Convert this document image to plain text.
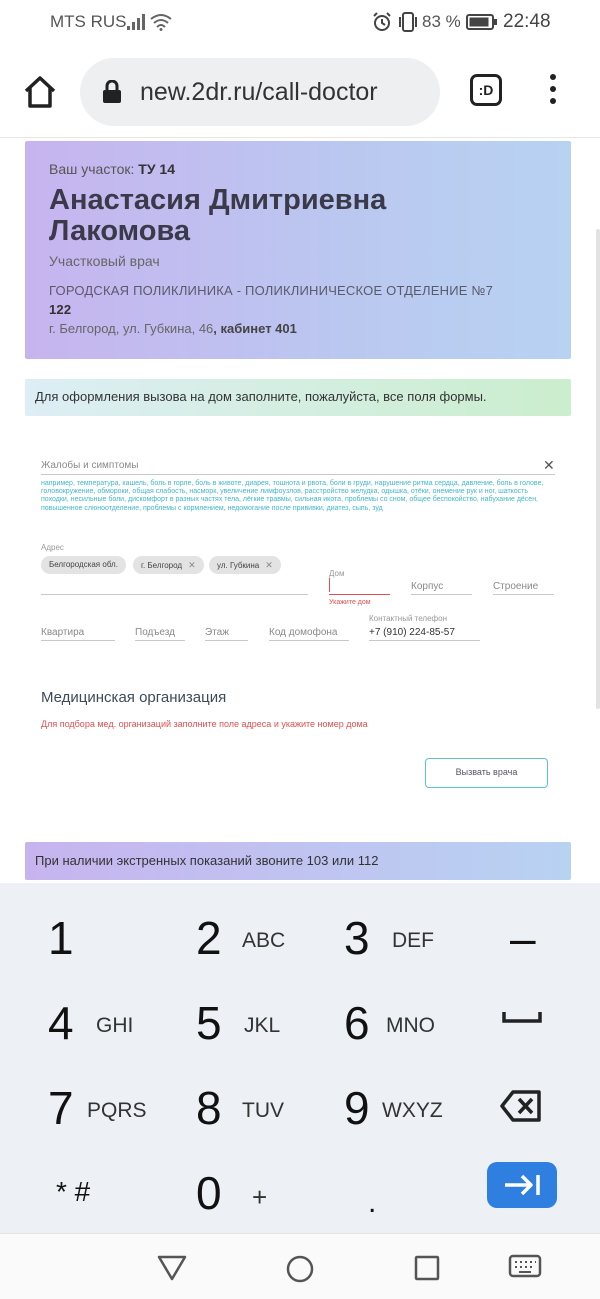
MTS RUS	83 % 22:48
new.2dr.ru/call-doctor	:D
Ваш участок: ТУ 14
Анастасия Дмитриевна Лакомова
Участковый врач
ГОРОДСКАЯ ПОЛИКЛИНИКА - ПОЛИКЛИНИЧЕСКОЕ ОТДЕЛЕНИЕ №7
122
г. Белгород, ул. Губкина, 46, кабинет 401
Для оформления вызова на дом заполните, пожалуйста, все поля формы.
Жалобы и симптомы	✕
например, температура, кашель, боль в горле, боль в животе, диарея, тошнота и рвота, боли в груди, нарушение ритма сердца, давление, боль в голове, головокружение, обмороки, общая слабость, насморк, увеличение лимфоузлов, расстройство желудка, одышка, отёки, онемение рук и ног, шаткость походки, несильные боли, дискомфорт в разных частях тела, лёгкие травмы, сильная икота, проблемы со сном, общее беспокойство, набухание дёсен, повышенное слюноотделение, проблемы с кормлением, недомогание после прививки, диатез, сыпь, зуд
Адрес
Белгородская обл.	г. Белгород ✕	ул. Губкина ✕
Дом
Укажите дом
Корпус	Строение
Квартира	Подъезд	Этаж	Код домофона
Контактный телефон
+7 (910) 224-85-57
Медицинская организация
Для подбора мед. организаций заполните поле адреса и укажите номер дома
Вызвать врача
При наличии экстренных показаний звоните 103 или 112
1	2 ABC 3 DEF –
4 GHI 5 JKL 6 MNO
7 PQRS 8 TUV 9 WXYZ
* # 0 +	.
